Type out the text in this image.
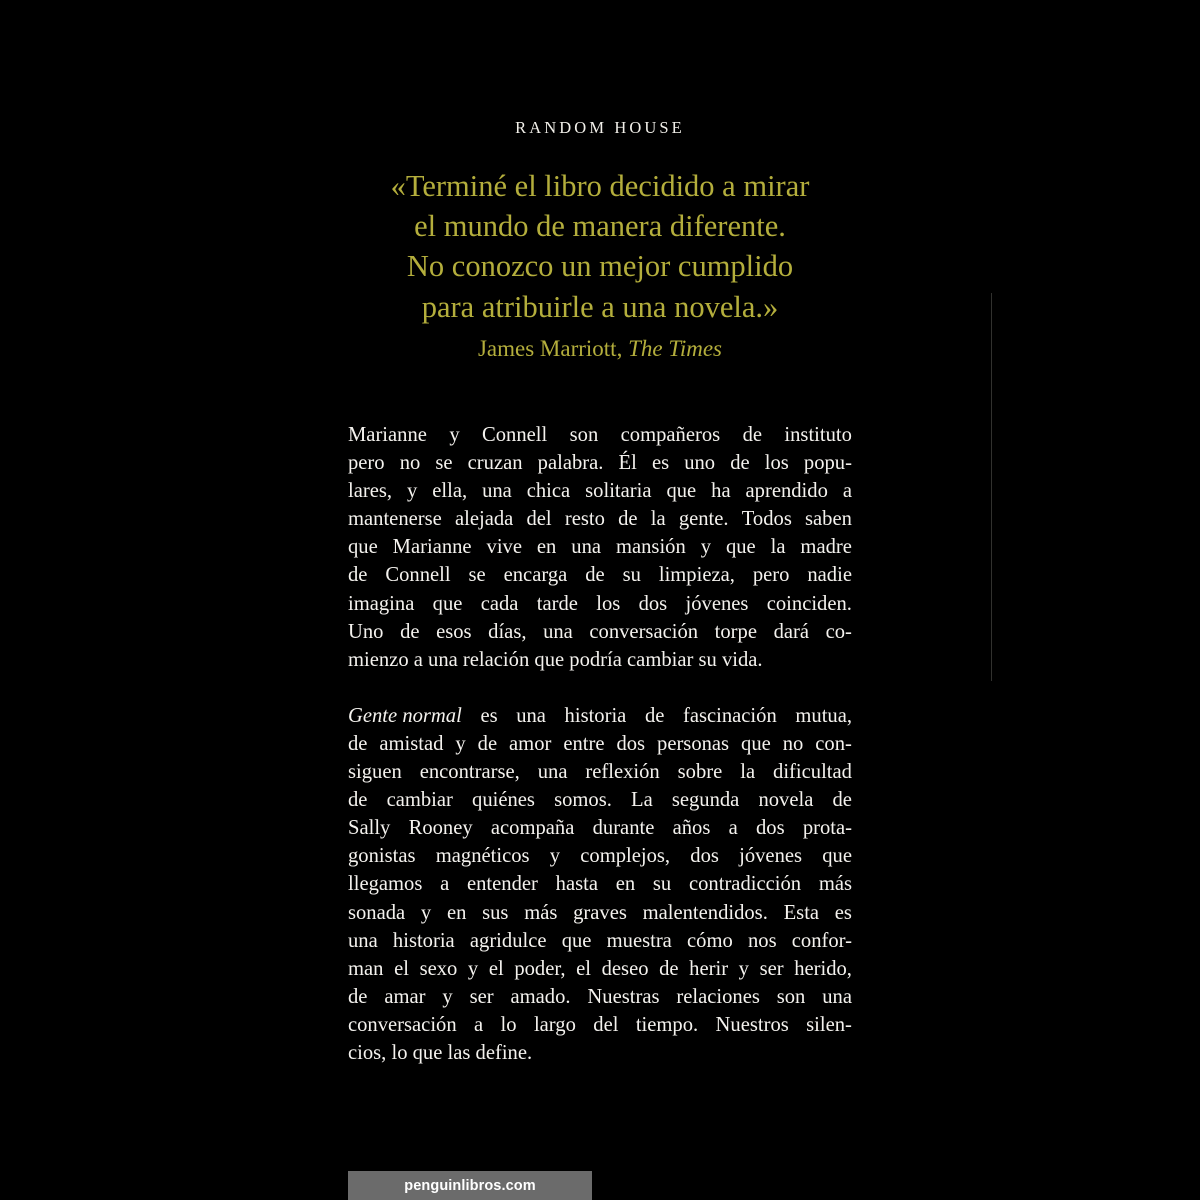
RANDOM HOUSE
«Terminé el libro decidido a mirar
el mundo de manera diferente.
No conozco un mejor cumplido
para atribuirle a una novela.»
James Marriott, The Times
Marianne y Connell son compañeros de instituto
pero no se cruzan palabra. Él es uno de los popu-
lares, y ella, una chica solitaria que ha aprendido a
mantenerse alejada del resto de la gente. Todos saben
que Marianne vive en una mansión y que la madre
de Connell se encarga de su limpieza, pero nadie
imagina que cada tarde los dos jóvenes coinciden.
Uno de esos días, una conversación torpe dará co-
mienzo a una relación que podría cambiar su vida.
Gente normal es una historia de fascinación mutua,
de amistad y de amor entre dos personas que no con-
siguen encontrarse, una reflexión sobre la dificultad
de cambiar quiénes somos. La segunda novela de
Sally Rooney acompaña durante años a dos prota-
gonistas magnéticos y complejos, dos jóvenes que
llegamos a entender hasta en su contradicción más
sonada y en sus más graves malentendidos. Esta es
una historia agridulce que muestra cómo nos confor-
man el sexo y el poder, el deseo de herir y ser herido,
de amar y ser amado. Nuestras relaciones son una
conversación a lo largo del tiempo. Nuestros silen-
cios, lo que las define.
penguinlibros.com
